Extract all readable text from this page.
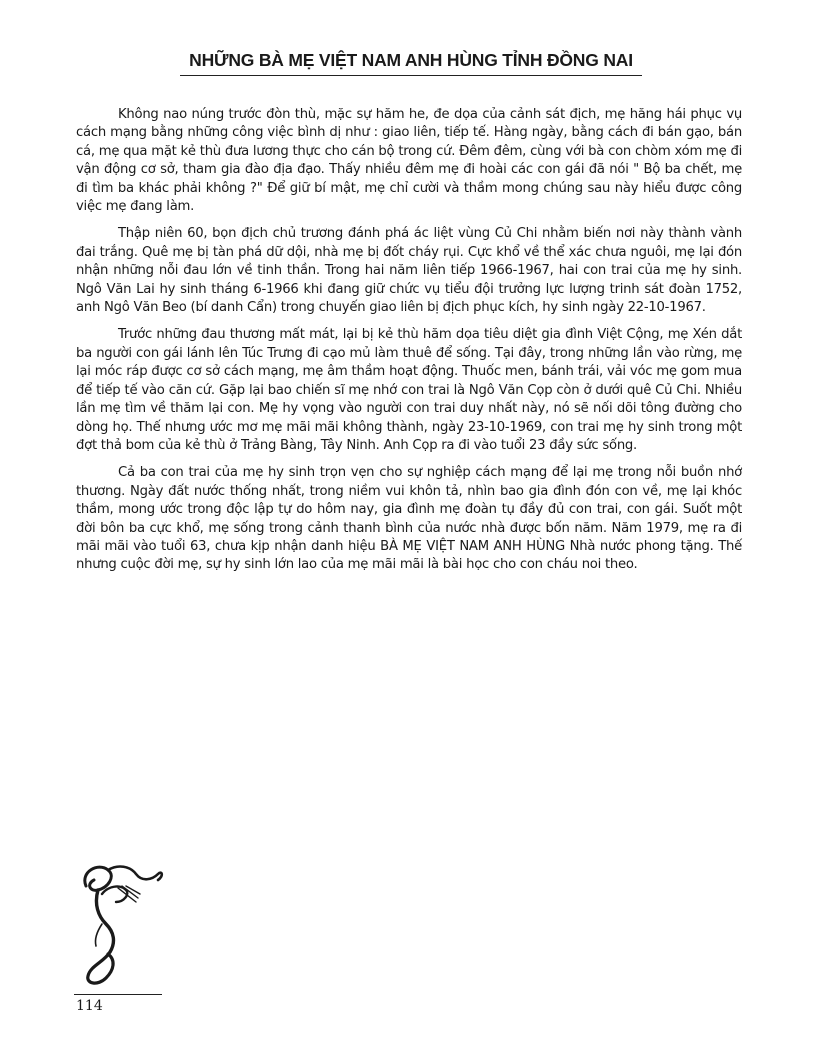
NHỮNG BÀ MẸ VIỆT NAM ANH HÙNG TỈNH ĐỒNG NAI

Không nao núng trước đòn thù, mặc sự hăm he, đe dọa của cảnh sát địch, mẹ hăng hái phục vụ cách mạng bằng những công việc bình dị như : giao liên, tiếp tế. Hàng ngày, bằng cách đi bán gạo, bán cá, mẹ qua mặt kẻ thù đưa lương thực cho cán bộ trong cứ. Đêm đêm, cùng với bà con chòm xóm mẹ đi vận động cơ sở, tham gia đào địa đạo. Thấy nhiều đêm mẹ đi hoài các con gái đã nói " Bộ ba chết, mẹ đi tìm ba khác phải không ?" Để giữ bí mật, mẹ chỉ cười và thầm mong chúng sau này hiểu được công việc mẹ đang làm.

Thập niên 60, bọn địch chủ trương đánh phá ác liệt vùng Củ Chi nhằm biến nơi này thành vành đai trắng. Quê mẹ bị tàn phá dữ dội, nhà mẹ bị đốt cháy rụi. Cực khổ về thể xác chưa nguôi, mẹ lại đón nhận những nỗi đau lớn về tinh thần. Trong hai năm liên tiếp 1966-1967, hai con trai của mẹ hy sinh. Ngô Văn Lai hy sinh tháng 6-1966 khi đang giữ chức vụ tiểu đội trưởng lực lượng trinh sát đoàn 1752, anh Ngô Văn Beo (bí danh Cẩn) trong chuyến giao liên bị địch phục kích, hy sinh ngày 22-10-1967.

Trước những đau thương mất mát, lại bị kẻ thù hăm dọa tiêu diệt gia đình Việt Cộng, mẹ Xén dắt ba người con gái lánh lên Túc Trưng đi cạo mủ làm thuê để sống. Tại đây, trong những lần vào rừng, mẹ lại móc ráp được cơ sở cách mạng, mẹ âm thầm hoạt động. Thuốc men, bánh trái, vải vóc mẹ gom mua để tiếp tế vào căn cứ. Gặp lại bao chiến sĩ mẹ nhớ con trai là Ngô Văn Cọp còn ở dưới quê Củ Chi. Nhiều lần mẹ tìm về thăm lại con. Mẹ hy vọng vào người con trai duy nhất này, nó sẽ nối dõi tông đường cho dòng họ. Thế nhưng ước mơ mẹ mãi mãi không thành, ngày 23-10-1969, con trai mẹ hy sinh trong một đợt thả bom của kẻ thù ở Trảng Bàng, Tây Ninh. Anh Cọp ra đi vào tuổi 23 đầy sức sống.

Cả ba con trai của mẹ hy sinh trọn vẹn cho sự nghiệp cách mạng để lại mẹ trong nỗi buồn nhớ thương. Ngày đất nước thống nhất, trong niềm vui khôn tả, nhìn bao gia đình đón con về, mẹ lại khóc thầm, mong ước trong độc lập tự do hôm nay, gia đình mẹ đoàn tụ đầy đủ con trai, con gái. Suốt một đời bôn ba cực khổ, mẹ sống trong cảnh thanh bình của nước nhà được bốn năm. Năm 1979, mẹ ra đi mãi mãi vào tuổi 63, chưa kịp nhận danh hiệu BÀ MẸ VIỆT NAM ANH HÙNG Nhà nước phong tặng. Thế nhưng cuộc đời mẹ, sự hy sinh lớn lao của mẹ mãi mãi là bài học cho con cháu noi theo.

114
